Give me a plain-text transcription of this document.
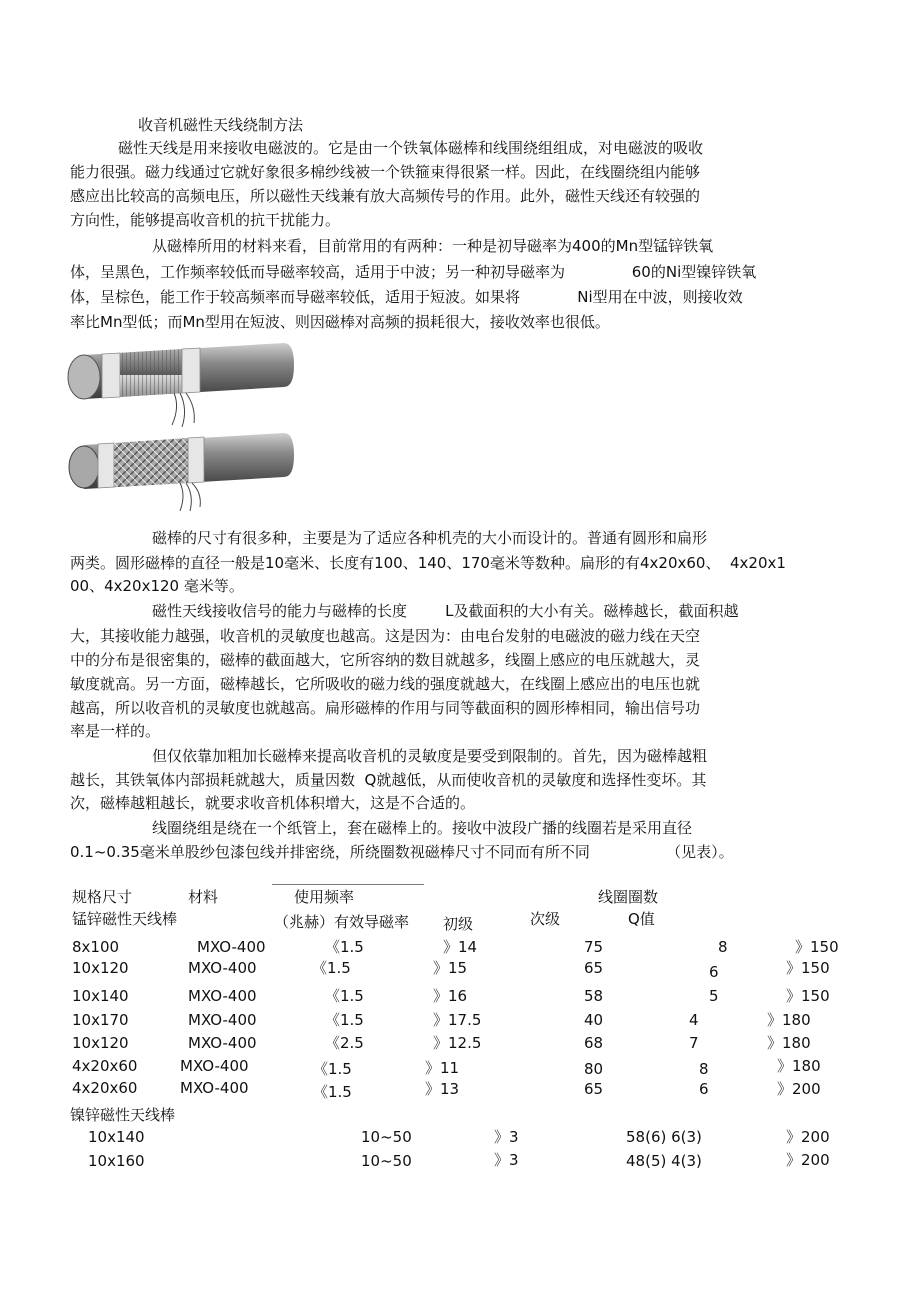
收音机磁性天线绕制方法
磁性天线是用来接收电磁波的。它是由一个铁氧体磁棒和线围绕组组成，对电磁波的吸收
能力很强。磁力线通过它就好象很多棉纱线被一个铁箍束得很紧一样。因此，在线圈绕组内能够
感应出比较高的高频电压，所以磁性天线兼有放大高频传号的作用。此外，磁性天线还有较强的
方向性，能够提高收音机的抗干扰能力。
从磁棒所用的材料来看，目前常用的有两种：一种是初导磁率为400的Mn型锰锌铁氧
体，呈黑色，工作频率较低而导磁率较高，适用于中波；另一种初导磁率为              60的Ni型镍锌铁氧
体，呈棕色，能工作于较高频率而导磁率较低，适用于短波。如果将            Ni型用在中波，则接收效
率比Mn型低；而Mn型用在短波、则因磁棒对高频的损耗很大，接收效率也很低。
磁棒的尺寸有很多种，主要是为了适应各种机壳的大小而设计的。普通有圆形和扁形
两类。圆形磁棒的直径一般是10毫米、长度有100、140、170毫米等数种。扁形的有4x20x60、  4x20x1
00、4x20x120 毫米等。
磁性天线接收信号的能力与磁棒的长度        L及截面积的大小有关。磁棒越长，截面积越
大，其接收能力越强，收音机的灵敏度也越高。这是因为：由电台发射的电磁波的磁力线在天空
中的分布是很密集的，磁棒的截面越大，它所容纳的数目就越多，线圈上感应的电压就越大，灵
敏度就高。另一方面，磁棒越长，它所吸收的磁力线的强度就越大，在线圈上感应出的电压也就
越高，所以收音机的灵敏度也就越高。扁形磁棒的作用与同等截面积的圆形棒相同，输出信号功
率是一样的。
但仅依靠加粗加长磁棒来提高收音机的灵敏度是要受到限制的。首先，因为磁棒越粗
越长，其铁氧体内部损耗就越大，质量因数  Q就越低，从而使收音机的灵敏度和选择性变坏。其
次，磁棒越粗越长，就要求收音机体积增大，这是不合适的。
线圈绕组是绕在一个纸管上，套在磁棒上的。接收中波段广播的线圈若是采用直径
0.1~0.35毫米单股纱包漆包线并排密绕，所绕圈数视磁棒尺寸不同而有所不同                （见表）。
规格尺寸	材料	使用频率	线圈圈数
锰锌磁性天线棒	（兆赫）有效导磁率 初级	次级	Q值
8x100	MXO-400	《1.5	》14	75	8	》150
10x120	MXO-400	《1.5	》15	65	6	》150
10x140	MXO-400	《1.5	》16	58	5	》150
10x170	MXO-400	《1.5	》17.5	40	4	》180
10x120	MXO-400	《2.5	》12.5	68	7	》180
4x20x60	MXO-400	《1.5	》11	80	8	》180
4x20x60	MXO-400	《1.5	》13	65	6	》200
镍锌磁性天线棒
10x140	10~50	》3	58(6) 6(3)	》200
10x160	10~50	》3	48(5) 4(3)	》200
